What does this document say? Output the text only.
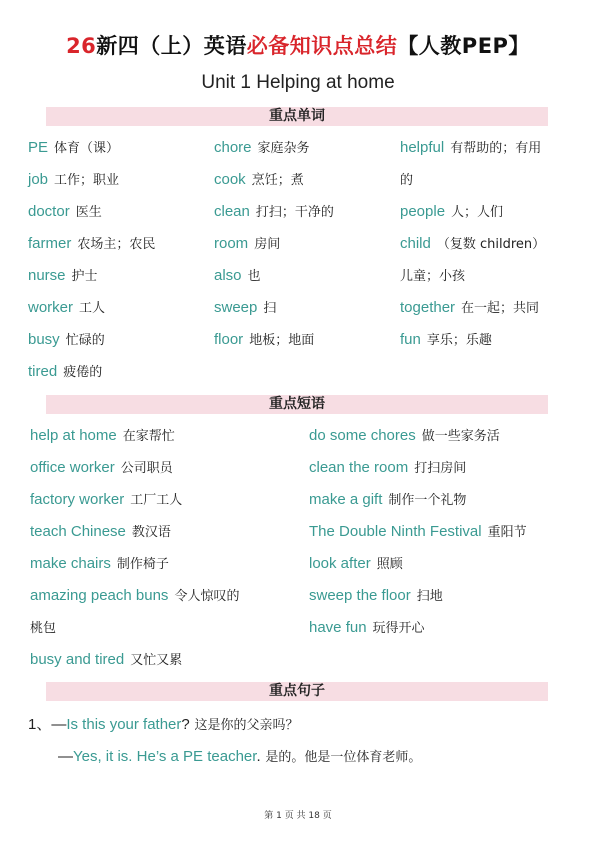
26新四（上）英语必备知识点总结【人教PEP】
Unit 1 Helping at home
重点单词
PE 体育（课）
job 工作；职业
doctor 医生
farmer 农场主；农民
nurse 护士
worker 工人
busy 忙碌的
tired 疲倦的
chore 家庭杂务
cook 烹饪；煮
clean 打扫；干净的
room 房间
also 也
sweep 扫
floor 地板；地面
helpful 有帮助的；有用
的
people 人；人们
child （复数 children）
儿童；小孩
together 在一起；共同
fun 享乐；乐趣
重点短语
help at home 在家帮忙
office worker 公司职员
factory worker 工厂工人
teach Chinese 教汉语
make chairs 制作椅子
amazing peach buns 令人惊叹的
桃包
busy and tired 又忙又累
do some chores 做一些家务活
clean the room 打扫房间
make a gift 制作一个礼物
The Double Ninth Festival 重阳节
look after 照顾
sweep the floor 扫地
have fun 玩得开心
重点句子
1、—Is this your father? 这是你的父亲吗？
—Yes, it is. He’s a PE teacher. 是的。他是一位体育老师。
第 1 页 共 18 页
